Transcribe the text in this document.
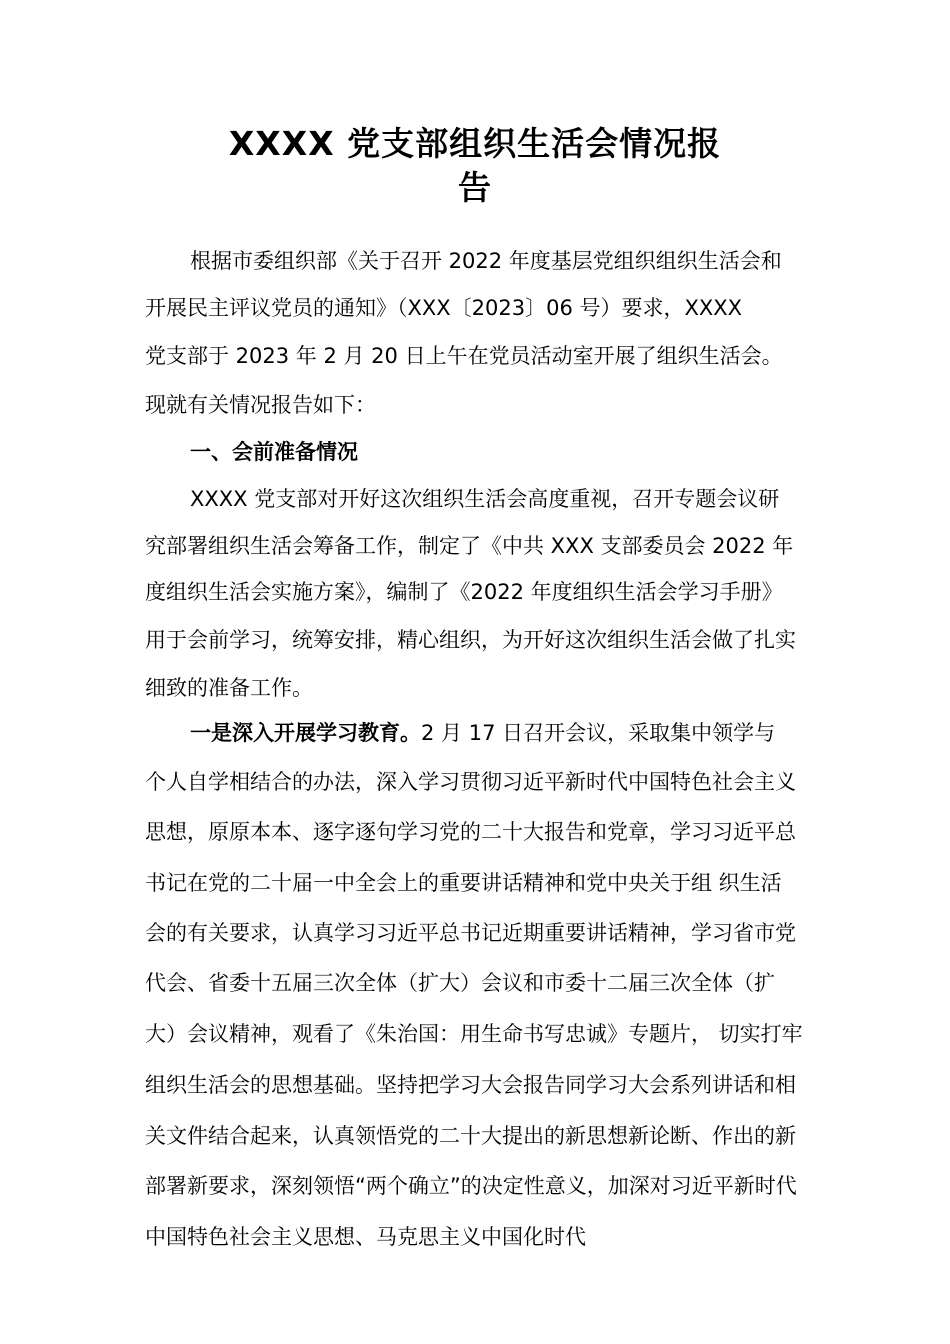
XXXX 党支部组织生活会情况报
告
根据市委组织部《关于召开 2022 年度基层党组织组织生活会和
开展民主评议党员的通知》（XXX〔2023〕06 号）要求，XXXX
党支部于 2023 年 2 月 20 日上午在党员活动室开展了组织生活会。
现就有关情况报告如下：
一、会前准备情况
XXXX 党支部对开好这次组织生活会高度重视，召开专题会议研
究部署组织生活会筹备工作，制定了《中共 XXX 支部委员会 2022 年
度组织生活会实施方案》，编制了《2022 年度组织生活会学习手册》
用于会前学习，统筹安排，精心组织，为开好这次组织生活会做了扎实
细致的准备工作。
一是深入开展学习教育。2 月 17 日召开会议，采取集中领学与
个人自学相结合的办法，深入学习贯彻习近平新时代中国特色社会主义
思想，原原本本、逐字逐句学习党的二十大报告和党章，学习习近平总
书记在党的二十届一中全会上的重要讲话精神和党中央关于组 织生活
会的有关要求，认真学习习近平总书记近期重要讲话精神，学习省市党
代会、省委十五届三次全体（扩大）会议和市委十二届三次全体（扩
大）会议精神，观看了《朱治国：用生命书写忠诚》专题片， 切实打牢
组织生活会的思想基础。坚持把学习大会报告同学习大会系列讲话和相
关文件结合起来，认真领悟党的二十大提出的新思想新论断、作出的新
部署新要求，深刻领悟“两个确立”的决定性意义，加深对习近平新时代
中国特色社会主义思想、马克思主义中国化时代
